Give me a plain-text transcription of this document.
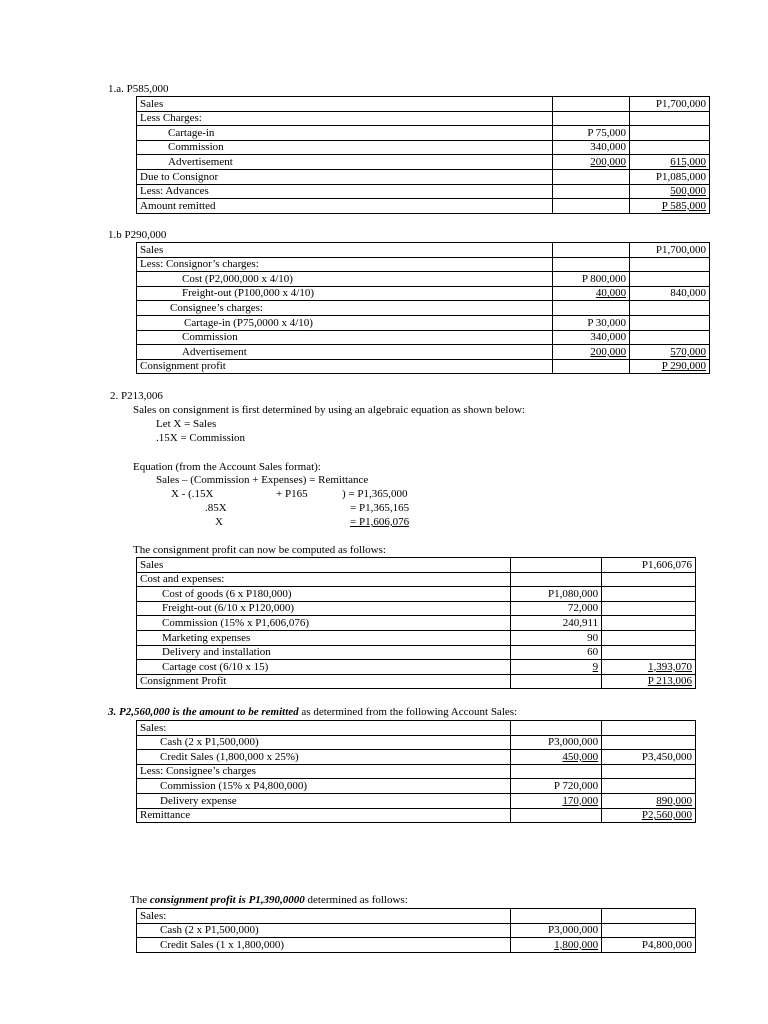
1.a. P585,000
Sales		P1,700,000
Less Charges:		
Cartage-in	P 75,000	
Commission	340,000	
Advertisement	200,000	615,000
Due to Consignor		P1,085,000
Less: Advances		500,000
Amount remitted		P 585,000
1.b P290,000
Sales		P1,700,000
Less: Consignor’s charges:		
Cost (P2,000,000 x 4/10)	P 800,000	
Freight-out (P100,000 x 4/10)	40,000	840,000
Consignee’s charges:		
Cartage-in (P75,0000 x 4/10)	P 30,000	
Commission	340,000	
Advertisement	200,000	570,000
Consignment profit		P 290,000
2. P213,006
Sales on consignment is first determined by using an algebraic equation as shown below:
Let X = Sales
.15X = Commission
Equation (from the Account Sales format):
Sales – (Commission + Expenses) = Remittance
X - (.15X	+ P165	) = P1,365,000
.85X	= P1,365,165
X	= P1,606,076
The consignment profit can now be computed as follows:
Sales		P1,606,076
Cost and expenses:		
Cost of goods (6 x P180,000)	P1,080,000	
Freight-out (6/10 x P120,000)	72,000	
Commission (15% x P1,606,076)	240,911	
Marketing expenses	90	
Delivery and installation	60	
Cartage cost (6/10 x 15)	9	1,393,070
Consignment Profit		P 213,006
3. P2,560,000 is the amount to be remitted as determined from the following Account Sales:
Sales:		
Cash (2 x P1,500,000)	P3,000,000	
Credit Sales (1,800,000 x 25%)	450,000	P3,450,000
Less: Consignee’s charges		
Commission (15% x P4,800,000)	P 720,000	
Delivery expense	170,000	890,000
Remittance		P2,560,000
The consignment profit is P1,390,0000 determined as follows:
Sales:		
Cash (2 x P1,500,000)	P3,000,000	
Credit Sales (1 x 1,800,000)	1,800,000	P4,800,000
